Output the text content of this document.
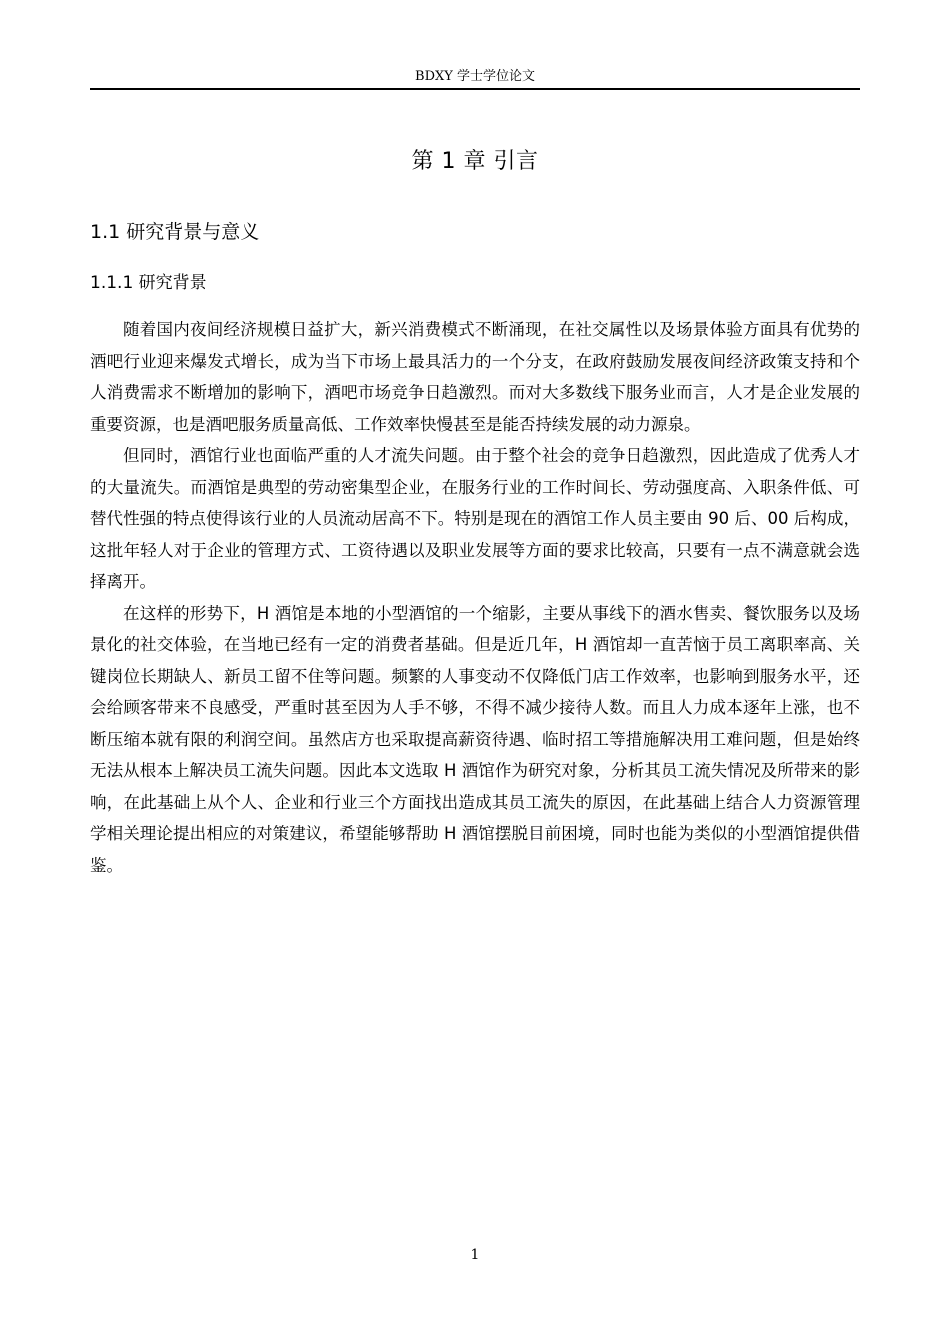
BDXY 学士学位论文
第 1 章 引言
1.1 研究背景与意义
1.1.1 研究背景

随着国内夜间经济规模日益扩大，新兴消费模式不断涌现，在社交属性以及场景体验方面具有优势的酒吧行业迎来爆发式增长，成为当下市场上最具活力的一个分支，在政府鼓励发展夜间经济政策支持和个人消费需求不断增加的影响下，酒吧市场竞争日趋激烈。而对大多数线下服务业而言，人才是企业发展的重要资源，也是酒吧服务质量高低、工作效率快慢甚至是能否持续发展的动力源泉。

但同时，酒馆行业也面临严重的人才流失问题。由于整个社会的竞争日趋激烈，因此造成了优秀人才的大量流失。而酒馆是典型的劳动密集型企业，在服务行业的工作时间长、劳动强度高、入职条件低、可替代性强的特点使得该行业的人员流动居高不下。特别是现在的酒馆工作人员主要由 90 后、00 后构成，这批年轻人对于企业的管理方式、工资待遇以及职业发展等方面的要求比较高，只要有一点不满意就会选择离开。

在这样的形势下，H 酒馆是本地的小型酒馆的一个缩影，主要从事线下的酒水售卖、餐饮服务以及场景化的社交体验，在当地已经有一定的消费者基础。但是近几年，H 酒馆却一直苦恼于员工离职率高、关键岗位长期缺人、新员工留不住等问题。频繁的人事变动不仅降低门店工作效率，也影响到服务水平，还会给顾客带来不良感受，严重时甚至因为人手不够，不得不减少接待人数。而且人力成本逐年上涨，也不断压缩本就有限的利润空间。虽然店方也采取提高薪资待遇、临时招工等措施解决用工难问题，但是始终无法从根本上解决员工流失问题。因此本文选取 H 酒馆作为研究对象，分析其员工流失情况及所带来的影响，在此基础上从个人、企业和行业三个方面找出造成其员工流失的原因，在此基础上结合人力资源管理学相关理论提出相应的对策建议，希望能够帮助 H 酒馆摆脱目前困境，同时也能为类似的小型酒馆提供借鉴。

1
